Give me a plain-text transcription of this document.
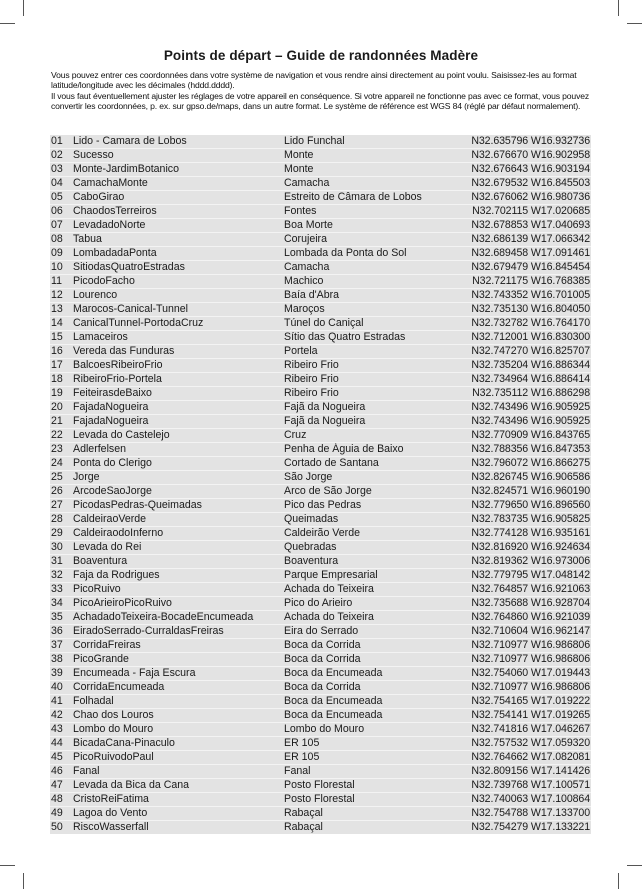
Points de départ – Guide de randonnées Madère

Vous pouvez entrer ces coordonnées dans votre système de navigation et vous rendre ainsi directement au point voulu. Saisissez-les au format latitude/longitude avec les décimales (hddd.dddd).

Il vous faut éventuellement ajuster les réglages de votre appareil en conséquence. Si votre appareil ne fonctionne pas avec ce format, vous pouvez convertir les coordonnées, p. ex. sur gpso.de/maps, dans un autre format. Le système de référence est WGS 84 (réglé par défaut normalement).

01 Lido - Camara de Lobos	Lido Funchal	N32.635796 W16.932736
02 Sucesso	Monte	N32.676670 W16.902958
03 Monte-JardimBotanico	Monte	N32.676643 W16.903194
04 CamachaMonte	Camacha	N32.679532 W16.845503
05 CaboGirao	Estreito de Câmara de Lobos	N32.676062 W16.980736
06 ChaodosTerreiros	Fontes	N32.702115 W17.020685
07 LevadadoNorte	Boa Morte	N32.678853 W17.040693
08 Tabua	Corujeira	N32.686139 W17.066342
09 LombadadaPonta	Lombada da Ponta do Sol	N32.689458 W17.091461
10 SitiodasQuatroEstradas	Camacha	N32.679479 W16.845454
11	PicodoFacho	Machico	N32.721175 W16.768385
12 Lourenco	Baía d'Abra	N32.743352 W16.701005
13 Marocos-Canical-Tunnel	Maroços	N32.735130 W16.804050
14 CanicalTunnel-PortodaCruz	Túnel do Caniçal	N32.732782 W16.764170
15 Lamaceiros	Sítio das Quatro Estradas	N32.712001 W16.830300
16 Vereda das Funduras	Portela	N32.747270 W16.825707
17 BalcoesRibeiroFrio	Ribeiro Frio	N32.735204 W16.886344
18 RibeiroFrio-Portela	Ribeiro Frio	N32.734964 W16.886414
19 FeiteirasdeBaixo	Ribeiro Frio	N32.735112 W16.886298
20 FajadaNogueira	Fajã da Nogueira	N32.743496 W16.905925
21 FajadaNogueira	Fajã da Nogueira	N32.743496 W16.905925
22 Levada do Castelejo	Cruz	N32.770909 W16.843765
23 Adlerfelsen	Penha de Águia de Baixo	N32.788356 W16.847353
24 Ponta do Clerigo	Cortado de Santana	N32.796072 W16.866275
25 Jorge	São Jorge	N32.826745 W16.906586
26 ArcodeSaoJorge	Arco de São Jorge	N32.824571 W16.960190
27 PicodasPedras-Queimadas	Pico das Pedras	N32.779650 W16.896560
28 CaldeiraoVerde	Queimadas	N32.783735 W16.905825
29 CaldeiraodoInferno	Caldeirão Verde	N32.774128 W16.935161
30 Levada do Rei	Quebradas	N32.816920 W16.924634
31 Boaventura	Boaventura	N32.819362 W16.973006
32 Faja da Rodrigues	Parque Empresarial	N32.779795 W17.048142
33 PicoRuivo	Achada do Teixeira	N32.764857 W16.921063
34 PicoArieiroPicoRuivo	Pico do Arieiro	N32.735688 W16.928704
35 AchadadoTeixeira-BocadeEncumeada	Achada do Teixeira	N32.764860 W16.921039
36 EiradoSerrado-CurraldasFreiras	Eira do Serrado	N32.710604 W16.962147
37 CorridaFreiras	Boca da Corrida	N32.710977 W16.986806
38 PicoGrande	Boca da Corrida	N32.710977 W16.986806
39 Encumeada - Faja Escura	Boca da Encumeada	N32.754060 W17.019443
40 CorridaEncumeada	Boca da Corrida	N32.710977 W16.986806
41 Folhadal	Boca da Encumeada	N32.754165 W17.019222
42 Chao dos Louros	Boca da Encumeada	N32.754141 W17.019265
43 Lombo do Mouro	Lombo do Mouro	N32.741816 W17.046267
44 BicadaCana-Pinaculo	ER 105	N32.757532 W17.059320
45 PicoRuivodoPaul	ER 105	N32.764662 W17.082081
46 Fanal	Fanal	N32.809156 W17.141426
47 Levada da Bica da Cana	Posto Florestal	N32.739768 W17.100571
48 CristoReiFatima	Posto Florestal	N32.740063 W17.100864
49 Lagoa do Vento	Rabaçal	N32.754788 W17.133700
50 RiscoWasserfall	Rabaçal	N32.754279 W17.133221
